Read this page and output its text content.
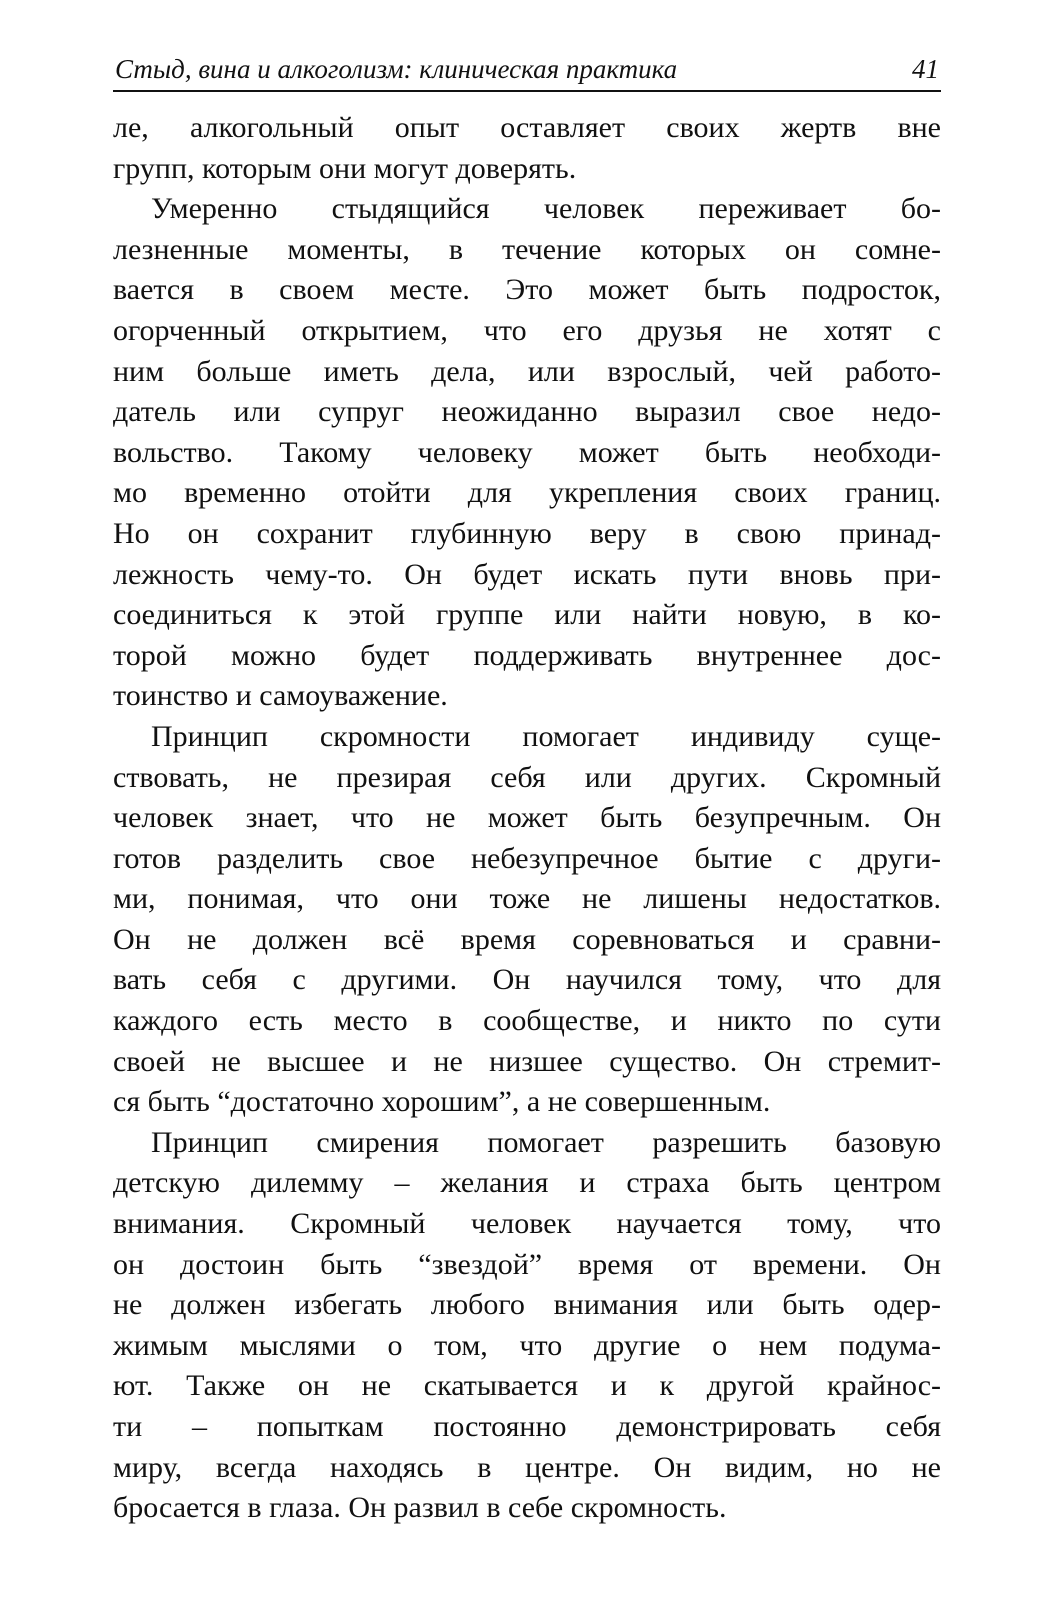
Стыд, вина и алкоголизм: клиническая практика	41

ле, алкогольный опыт оставляет своих жертв вне

групп, которым они могут доверять.

Умеренно стыдящийся человек переживает бо-

лезненные моменты, в течение которых он сомне-

вается в своем месте. Это может быть подросток,

огорченный открытием, что его друзья не хотят с

ним больше иметь дела, или взрослый, чей работо-

датель или супруг неожиданно выразил свое недо-

вольство. Такому человеку может быть необходи-

мо временно отойти для укрепления своих границ.

Но он сохранит глубинную веру в свою принад-

лежность чему-то. Он будет искать пути вновь при-

соединиться к этой группе или найти новую, в ко-

торой можно будет поддерживать внутреннее дос-

тоинство и самоуважение.

Принцип скромности помогает индивиду суще-

ствовать, не презирая себя или других. Скромный

человек знает, что не может быть безупречным. Он

готов разделить свое небезупречное бытие с други-

ми, понимая, что они тоже не лишены недостатков.

Он не должен всё время соревноваться и сравни-

вать себя с другими. Он научился тому, что для

каждого есть место в сообществе, и никто по сути

своей не высшее и не низшее существо. Он стремит-

ся быть “достаточно хорошим”, а не совершенным.

Принцип смирения помогает разрешить базовую

детскую дилемму – желания и страха быть центром

внимания. Скромный человек научается тому, что

он достоин быть “звездой” время от времени. Он

не должен избегать любого внимания или быть одер-

жимым мыслями о том, что другие о нем подума-

ют. Также он не скатывается и к другой крайнос-

ти – попыткам постоянно демонстрировать себя

миру, всегда находясь в центре. Он видим, но не

бросается в глаза. Он развил в себе скромность.
